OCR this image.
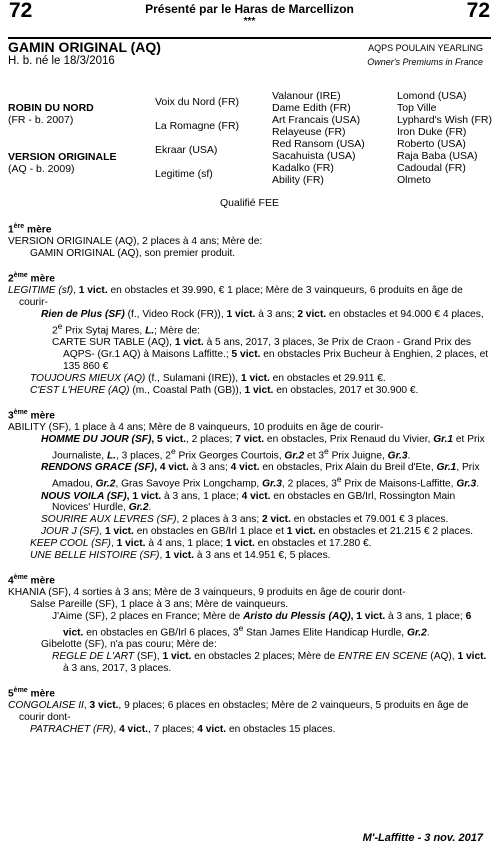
72	72
Présenté par le Haras de Marcellizon
***
GAMIN ORIGINAL (AQ)
H. b. né le 18/3/2016
AQPS POULAIN YEARLING
Owner's Premiums in France
ROBIN DU NORD
(FR - b. 2007)
VERSION ORIGINALE
(AQ - b. 2009)
Voix du Nord (FR)
La Romagne (FR)
Ekraar (USA)
Legitime (sf)
Valanour (IRE)
Dame Edith (FR)
Art Francais (USA)
Relayeuse (FR)
Red Ransom (USA)
Sacahuista (USA)
Kadalko (FR)
Ability (FR)
Lomond (USA)
Top Ville
Lyphard's Wish (FR)
Iron Duke (FR)
Roberto (USA)
Raja Baba (USA)
Cadoudal (FR)
Olmeto
Qualifié FEE

1ère mère

VERSION ORIGINALE (AQ), 2 places à 4 ans; Mère de:

GAMIN ORIGINAL (AQ), son premier produit.

2ème mère

LEGITIME (sf), 1 vict. en obstacles et 39.990, € 1 place; Mère de 3 vainqueurs, 6 produits en âge de courir-

Rien de Plus (SF) (f., Video Rock (FR)), 1 vict. à 3 ans; 2 vict. en obstacles et 94.000 € 4 places, 2e Prix Sytaj Mares, L.; Mère de:

CARTE SUR TABLE (AQ), 1 vict. à 5 ans, 2017, 3 places, 3e Prix de Craon - Grand Prix des AQPS- (Gr.1 AQ) à Maisons Laffitte.; 5 vict. en obstacles Prix Bucheur à Enghien, 2 places, et 135 860 €

TOUJOURS MIEUX (AQ) (f., Sulamani (IRE)), 1 vict. en obstacles et 29.911 €.

C'EST L'HEURE (AQ) (m., Coastal Path (GB)), 1 vict. en obstacles, 2017 et 30.900 €.

3ème mère

ABILITY (SF), 1 place à 4 ans; Mère de 8 vainqueurs, 10 produits en âge de courir-

HOMME DU JOUR (SF), 5 vict., 2 places; 7 vict. en obstacles, Prix Renaud du Vivier, Gr.1 et Prix Journaliste, L., 3 places, 2e Prix Georges Courtois, Gr.2 et 3e Prix Juigne, Gr.3.

RENDONS GRACE (SF), 4 vict. à 3 ans; 4 vict. en obstacles, Prix Alain du Breil d'Ete, Gr.1, Prix Amadou, Gr.2, Gras Savoye Prix Longchamp, Gr.3, 2 places, 3e Prix de Maisons-Laffitte, Gr.3.

NOUS VOILA (SF), 1 vict. à 3 ans, 1 place; 4 vict. en obstacles en GB/Irl, Rossington Main Novices' Hurdle, Gr.2.

SOURIRE AUX LEVRES (SF), 2 places à 3 ans; 2 vict. en obstacles et 79.001 € 3 places.

JOUR J (SF), 1 vict. en obstacles en GB/Irl 1 place et 1 vict. en obstacles et 21.215 € 2 places.

KEEP COOL (SF), 1 vict. à 4 ans, 1 place; 1 vict. en obstacles et 17.280 €.

UNE BELLE HISTOIRE (SF), 1 vict. à 3 ans et 14.951 €, 5 places.

4ème mère

KHANIA (SF), 4 sorties à 3 ans; Mère de 3 vainqueurs, 9 produits en âge de courir dont-

Salse Pareille (SF), 1 place à 3 ans; Mère de vainqueurs.

J'Aime (SF), 2 places en France; Mère de Aristo du Plessis (AQ), 1 vict. à 3 ans, 1 place; 6 vict. en obstacles en GB/Irl 6 places, 3e Stan James Elite Handicap Hurdle, Gr.2.

Gibelotte (SF), n'a pas couru; Mère de:

REGLE DE L'ART (SF), 1 vict. en obstacles 2 places; Mère de ENTRE EN SCENE (AQ), 1 vict. à 3 ans, 2017, 3 places.

5ème mère

CONGOLAISE II, 3 vict., 9 places; 6 places en obstacles; Mère de 2 vainqueurs, 5 produits en âge de courir dont-

PATRACHET (FR), 4 vict., 7 places; 4 vict. en obstacles 15 places.

M'-Laffitte - 3 nov. 2017
